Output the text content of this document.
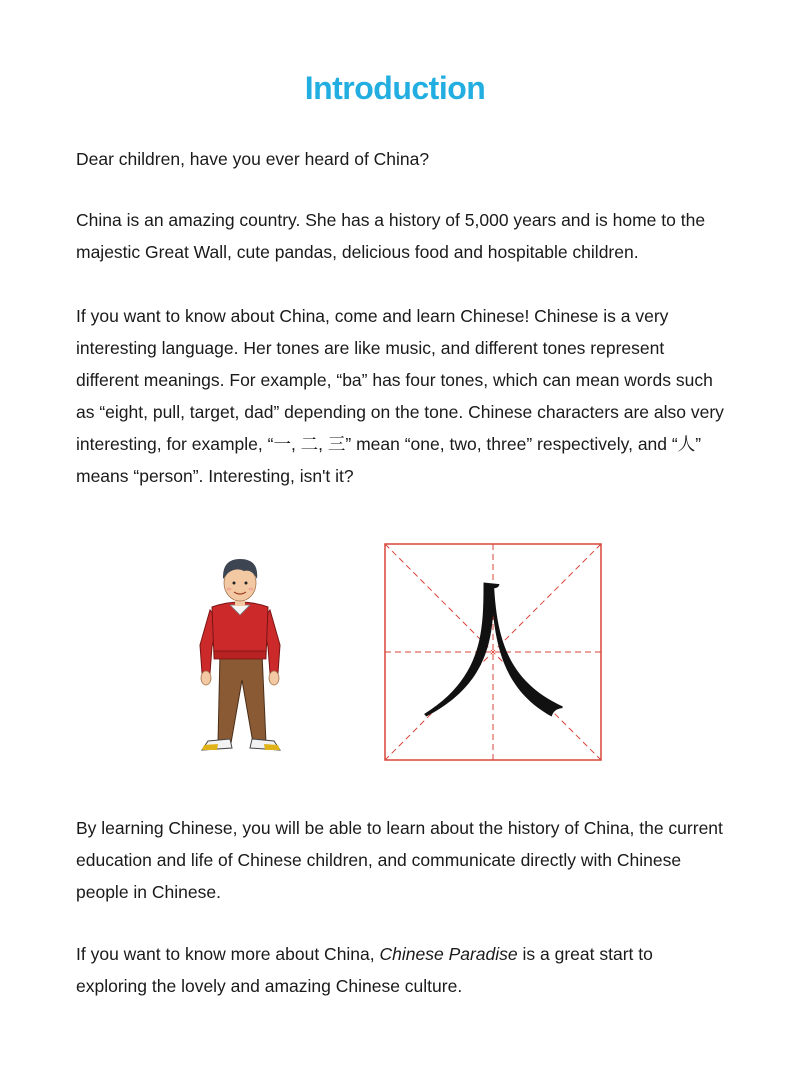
Introduction

Dear children, have you ever heard of China?

China is an amazing country. She has a history of 5,000 years and is home to the majestic Great Wall, cute pandas, delicious food and hospitable children.

If you want to know about China, come and learn Chinese! Chinese is a very interesting language. Her tones are like music, and different tones represent different meanings. For example, “ba” has four tones, which can mean words such as “eight, pull, target, dad” depending on the tone. Chinese characters are also very interesting, for example, “一, 二, 三” mean “one, two, three” respectively, and “人” means “person”. Interesting, isn't it?

人

By learning Chinese, you will be able to learn about the history of China, the current education and life of Chinese children, and communicate directly with Chinese people in Chinese.

If you want to know more about China, Chinese Paradise is a great start to exploring the lovely and amazing Chinese culture.
